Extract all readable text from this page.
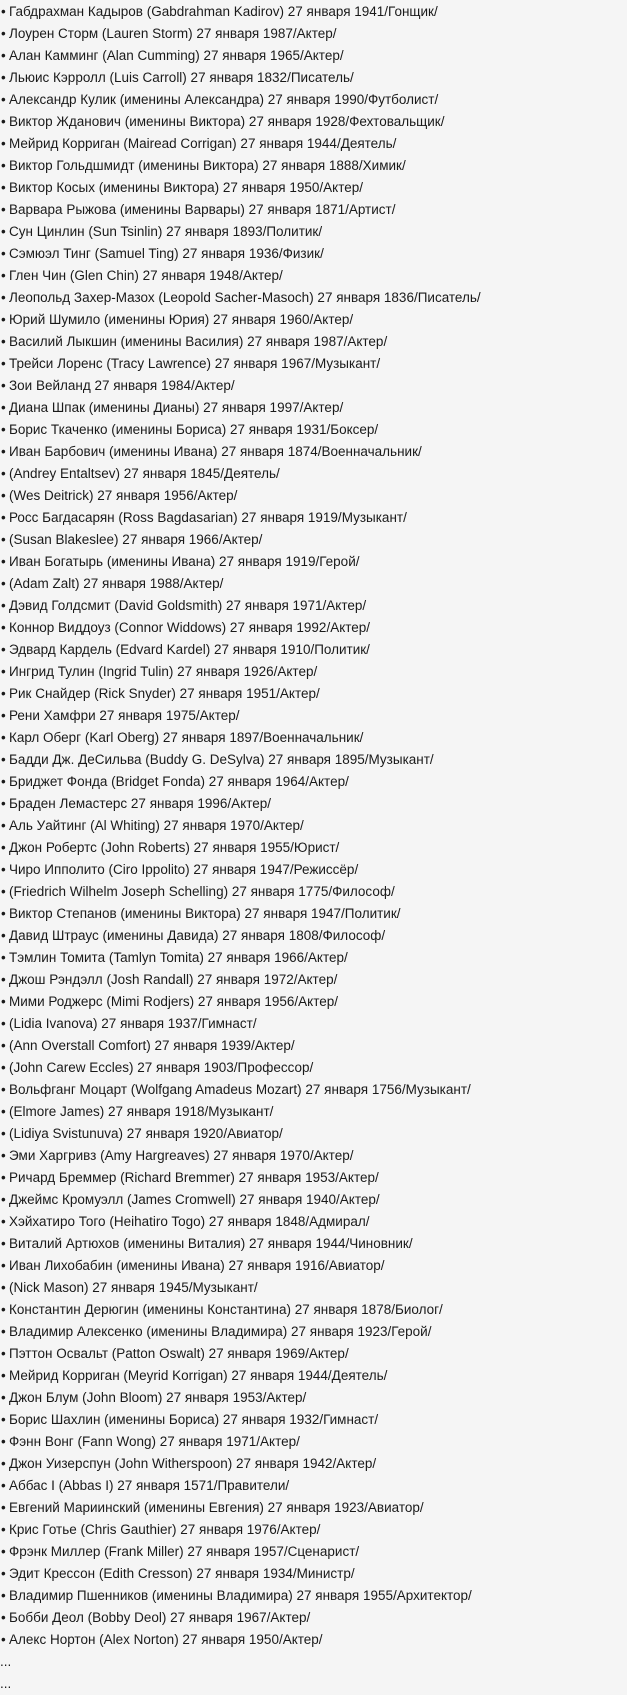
• Габдрахман Кадыров (Gabdrahman Kadirov) 27 января 1941/Гонщик/
• Лоурен Сторм (Lauren Storm) 27 января 1987/Актер/
• Алан Камминг (Alan Cumming) 27 января 1965/Актер/
• Льюис Кэрролл (Luis Carroll) 27 января 1832/Писатель/
• Александр Кулик (именины Александра) 27 января 1990/Футболист/
• Виктор Жданович (именины Виктора) 27 января 1928/Фехтовальщик/
• Мейрид Корриган (Mairead Corrigan) 27 января 1944/Деятель/
• Виктор Гольдшмидт (именины Виктора) 27 января 1888/Химик/
• Виктор Косых (именины Виктора) 27 января 1950/Актер/
• Варвара Рыжова (именины Варвары) 27 января 1871/Артист/
• Сун Цинлин (Sun Tsinlin) 27 января 1893/Политик/
• Сэмюэл Тинг (Samuel Ting) 27 января 1936/Физик/
• Глен Чин (Glen Chin) 27 января 1948/Актер/
• Леопольд Захер-Мазох (Leopold Sacher-Masoch) 27 января 1836/Писатель/
• Юрий Шумило (именины Юрия) 27 января 1960/Актер/
• Василий Лыкшин (именины Василия) 27 января 1987/Актер/
• Трейси Лоренс (Tracy Lawrence) 27 января 1967/Музыкант/
• Зои Вейланд 27 января 1984/Актер/
• Диана Шпак (именины Дианы) 27 января 1997/Актер/
• Борис Ткаченко (именины Бориса) 27 января 1931/Боксер/
• Иван Барбович (именины Ивана) 27 января 1874/Военначальник/
• (Andrey Entaltsev) 27 января 1845/Деятель/
• (Wes Deitrick) 27 января 1956/Актер/
• Росс Багдасарян (Ross Bagdasarian) 27 января 1919/Музыкант/
• (Susan Blakeslee) 27 января 1966/Актер/
• Иван Богатырь (именины Ивана) 27 января 1919/Герой/
• (Adam Zalt) 27 января 1988/Актер/
• Дэвид Голдсмит (David Goldsmith) 27 января 1971/Актер/
• Коннор Виддоуз (Connor Widdows) 27 января 1992/Актер/
• Эдвард Кардель (Edvard Kardel) 27 января 1910/Политик/
• Ингрид Тулин (Ingrid Tulin) 27 января 1926/Актер/
• Рик Снайдер (Rick Snyder) 27 января 1951/Актер/
• Рени Хамфри 27 января 1975/Актер/
• Карл Оберг (Karl Oberg) 27 января 1897/Военначальник/
• Бадди Дж. ДеСильва (Buddy G. DeSylva) 27 января 1895/Музыкант/
• Бриджет Фонда (Bridget Fonda) 27 января 1964/Актер/
• Браден Лемастерс 27 января 1996/Актер/
• Аль Уайтинг (Al Whiting) 27 января 1970/Актер/
• Джон Робертс (John Roberts) 27 января 1955/Юрист/
• Чиро Ипполито (Ciro Ippolito) 27 января 1947/Режиссёр/
• (Friedrich Wilhelm Joseph Schelling) 27 января 1775/Философ/
• Виктор Степанов (именины Виктора) 27 января 1947/Политик/
• Давид Штраус (именины Давида) 27 января 1808/Философ/
• Тэмлин Томита (Tamlyn Tomita) 27 января 1966/Актер/
• Джош Рэндэлл (Josh Randall) 27 января 1972/Актер/
• Мими Роджерс (Mimi Rodjers) 27 января 1956/Актер/
• (Lidia Ivanova) 27 января 1937/Гимнаст/
• (Ann Overstall Comfort) 27 января 1939/Актер/
• (John Carew Eccles) 27 января 1903/Профессор/
• Вольфганг Моцарт (Wolfgang Amadeus Mozart) 27 января 1756/Музыкант/
• (Elmore James) 27 января 1918/Музыкант/
• (Lidiya Svistunuva) 27 января 1920/Авиатор/
• Эми Харгривз (Amy Hargreaves) 27 января 1970/Актер/
• Ричард Бреммер (Richard Bremmer) 27 января 1953/Актер/
• Джеймс Кромуэлл (James Cromwell) 27 января 1940/Актер/
• Хэйхатиро Того (Heihatiro Togo) 27 января 1848/Адмирал/
• Виталий Артюхов (именины Виталия) 27 января 1944/Чиновник/
• Иван Лихобабин (именины Ивана) 27 января 1916/Авиатор/
• (Nick Mason) 27 января 1945/Музыкант/
• Константин Дерюгин (именины Константина) 27 января 1878/Биолог/
• Владимир Алексенко (именины Владимира) 27 января 1923/Герой/
• Пэттон Освальт (Patton Oswalt) 27 января 1969/Актер/
• Мейрид Корриган (Meyrid Korrigan) 27 января 1944/Деятель/
• Джон Блум (John Bloom) 27 января 1953/Актер/
• Борис Шахлин (именины Бориса) 27 января 1932/Гимнаст/
• Фэнн Вонг (Fann Wong) 27 января 1971/Актер/
• Джон Уизерспун (John Witherspoon) 27 января 1942/Актер/
• Аббас I (Abbas I) 27 января 1571/Правители/
• Евгений Мариинский (именины Евгения) 27 января 1923/Авиатор/
• Крис Готье (Chris Gauthier) 27 января 1976/Актер/
• Фрэнк Миллер (Frank Miller) 27 января 1957/Сценарист/
• Эдит Крессон (Edith Cresson) 27 января 1934/Министр/
• Владимир Пшенников (именины Владимира) 27 января 1955/Архитектор/
• Бобби Деол (Bobby Deol) 27 января 1967/Актер/
• Алекс Нортон (Alex Norton) 27 января 1950/Актер/
...
...
